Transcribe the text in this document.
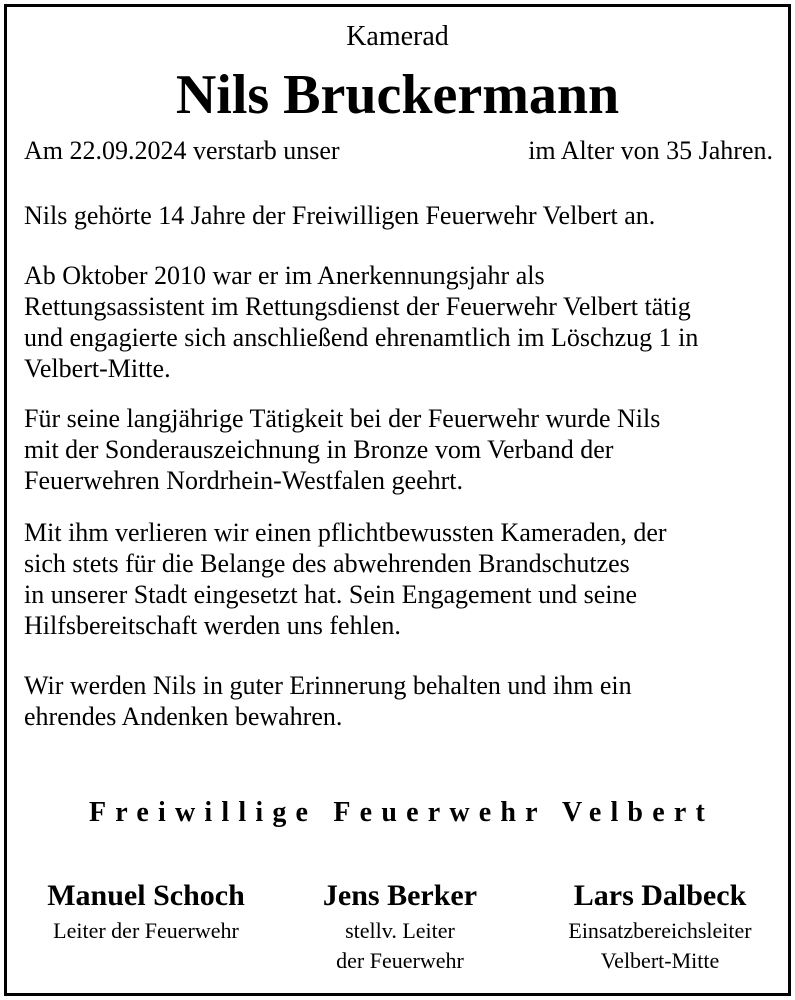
Kamerad
Nils Bruckermann
Am 22.09.2024 verstarb unser	im Alter von 35 Jahren.
Nils gehörte 14 Jahre der Freiwilligen Feuerwehr Velbert an.
Ab Oktober 2010 war er im Anerkennungsjahr als
Rettungsassistent im Rettungsdienst der Feuerwehr Velbert tätig
und engagierte sich anschließend ehrenamtlich im Löschzug 1 in
Velbert-Mitte.
Für seine langjährige Tätigkeit bei der Feuerwehr wurde Nils
mit der Sonderauszeichnung in Bronze vom Verband der
Feuerwehren Nordrhein-Westfalen geehrt.
Mit ihm verlieren wir einen pflichtbewussten Kameraden, der
sich stets für die Belange des abwehrenden Brandschutzes
in unserer Stadt eingesetzt hat. Sein Engagement und seine
Hilfsbereitschaft werden uns fehlen.
Wir werden Nils in guter Erinnerung behalten und ihm ein
ehrendes Andenken bewahren.
Freiwillige Feuerwehr Velbert
Manuel Schoch
Leiter der Feuerwehr
Jens Berker
stellv. Leiter
der Feuerwehr
Lars Dalbeck
Einsatzbereichsleiter
Velbert-Mitte
